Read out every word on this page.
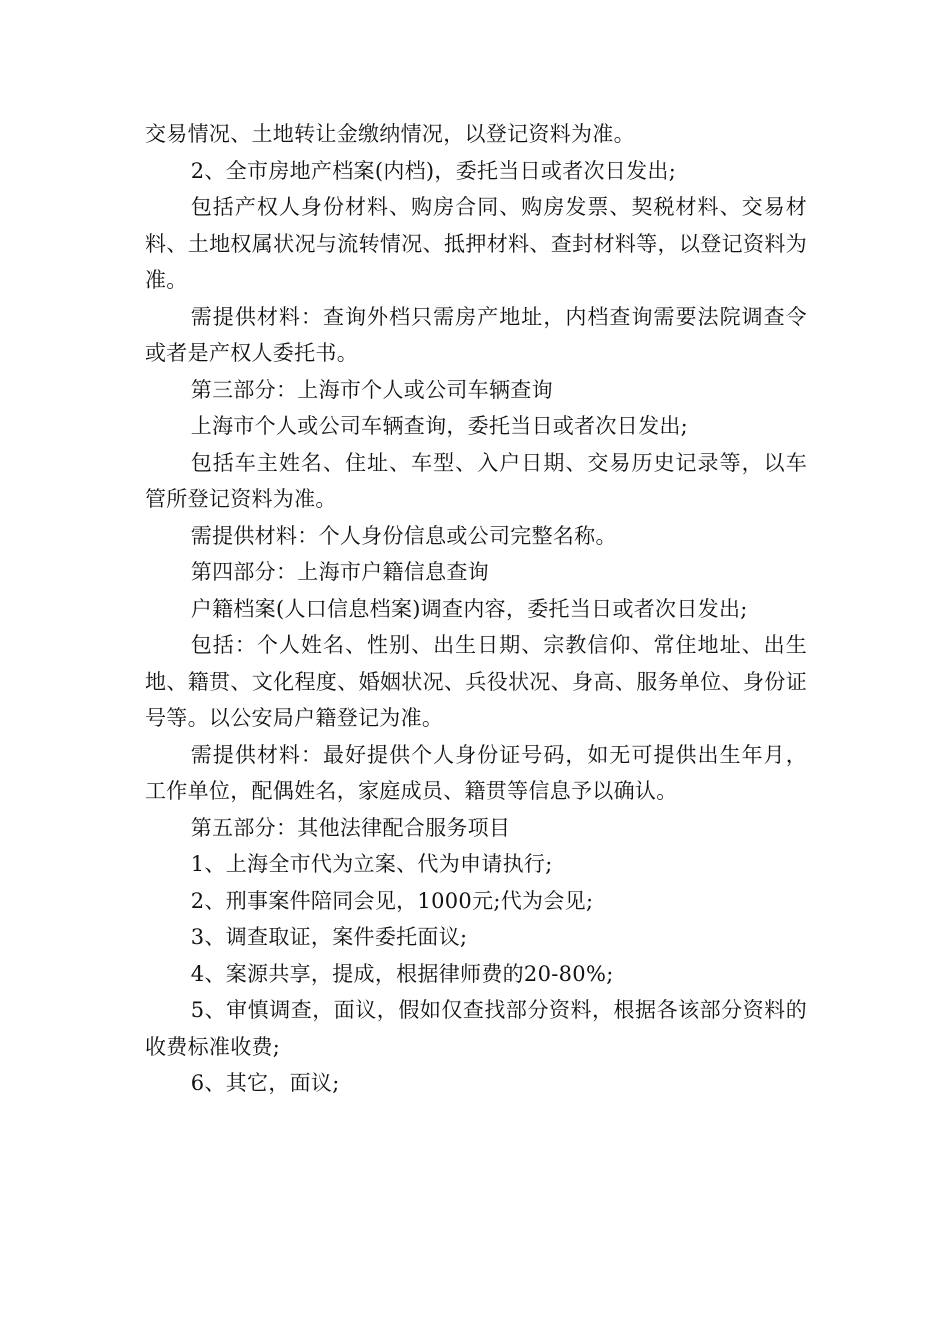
交易情况、土地转让金缴纳情况，以登记资料为准。

2、全市房地产档案(内档)，委托当日或者次日发出;

包括产权人身份材料、购房合同、购房发票、契税材料、交易材料、土地权属状况与流转情况、抵押材料、查封材料等，以登记资料为准。

需提供材料：查询外档只需房产地址，内档查询需要法院调查令或者是产权人委托书。

第三部分：上海市个人或公司车辆查询

上海市个人或公司车辆查询，委托当日或者次日发出;

包括车主姓名、住址、车型、入户日期、交易历史记录等，以车管所登记资料为准。

需提供材料：个人身份信息或公司完整名称。

第四部分：上海市户籍信息查询

户籍档案(人口信息档案)调查内容，委托当日或者次日发出;

包括：个人姓名、性别、出生日期、宗教信仰、常住地址、出生地、籍贯、文化程度、婚姻状况、兵役状况、身高、服务单位、身份证号等。以公安局户籍登记为准。

需提供材料：最好提供个人身份证号码，如无可提供出生年月，工作单位，配偶姓名，家庭成员、籍贯等信息予以确认。

第五部分：其他法律配合服务项目

1、上海全市代为立案、代为申请执行;

2、刑事案件陪同会见，1000元;代为会见;

3、调查取证，案件委托面议;

4、案源共享，提成，根据律师费的20-80%;

5、审慎调查，面议，假如仅查找部分资料，根据各该部分资料的收费标准收费;

6、其它，面议;
